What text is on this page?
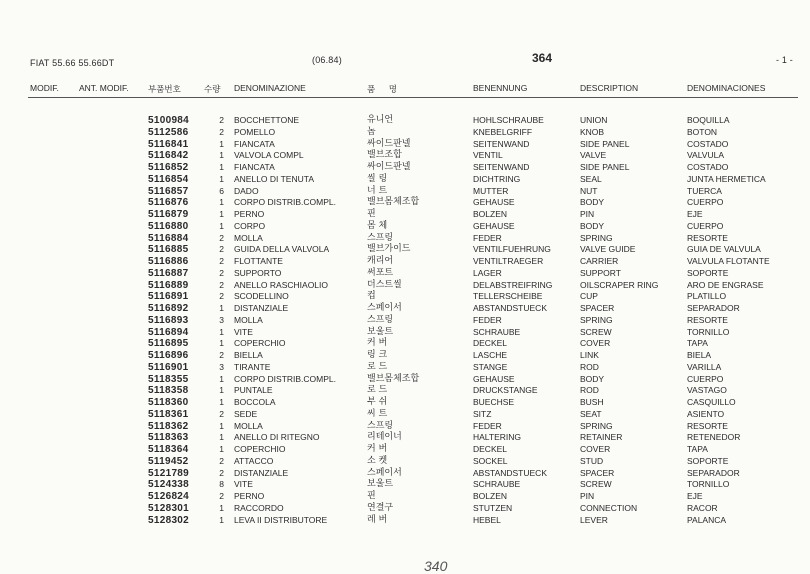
FIAT 55.66 55.66DT	(06.84)	364	- 1 -
MODIF. ANT. MODIF. 부품번호	수량 DENOMINAZIONE	품     명	BENENNUNG	DESCRIPTION	DENOMINACIONES
5100984	2 BOCCHETTONE	유니언	HOHLSCHRAUBE	UNION	BOQUILLA
5112586	2 POMELLO	놉	KNEBELGRIFF	KNOB	BOTON
5116841	1 FIANCATA	싸이드판넬	SEITENWAND	SIDE PANEL	COSTADO
5116842	1 VALVOLA COMPL	밸브조합	VENTIL	VALVE	VALVULA
5116852	1 FIANCATA	싸이드판넬	SEITENWAND	SIDE PANEL	COSTADO
5116854	1 ANELLO DI TENUTA	씰 링	DICHTRING	SEAL	JUNTA HERMETICA
5116857	6 DADO	너 트	MUTTER	NUT	TUERCA
5116876	1 CORPO DISTRIB.COMPL.	밸브몸체조합	GEHAUSE	BODY	CUERPO
5116879	1 PERNO	핀	BOLZEN	PIN	EJE
5116880	1 CORPO	몸 체	GEHAUSE	BODY	CUERPO
5116884	2 MOLLA	스프링	FEDER	SPRING	RESORTE
5116885	2 GUIDA DELLA VALVOLA	밸브가이드	VENTILFUEHRUNG	VALVE GUIDE	GUIA DE VALVULA
5116886	2 FLOTTANTE	캐리어	VENTILTRAEGER	CARRIER	VALVULA FLOTANTE
5116887	2 SUPPORTO	써포트	LAGER	SUPPORT	SOPORTE
5116889	2 ANELLO RASCHIAOLIO	더스트씰	DELABSTREIFRING	OILSCRAPER RING	ARO DE ENGRASE
5116891	2 SCODELLINO	컵	TELLERSCHEIBE	CUP	PLATILLO
5116892	1 DISTANZIALE	스페이서	ABSTANDSTUECK	SPACER	SEPARADOR
5116893	3 MOLLA	스프링	FEDER	SPRING	RESORTE
5116894	1 VITE	보울트	SCHRAUBE	SCREW	TORNILLO
5116895	1 COPERCHIO	커 버	DECKEL	COVER	TAPA
5116896	2 BIELLA	링 크	LASCHE	LINK	BIELA
5116901	3 TIRANTE	로 드	STANGE	ROD	VARILLA
5118355	1 CORPO DISTRIB.COMPL.	밸브몸체조합	GEHAUSE	BODY	CUERPO
5118358	1 PUNTALE	로 드	DRUCKSTANGE	ROD	VASTAGO
5118360	1 BOCCOLA	부 쉬	BUECHSE	BUSH	CASQUILLO
5118361	2 SEDE	씨 트	SITZ	SEAT	ASIENTO
5118362	1 MOLLA	스프링	FEDER	SPRING	RESORTE
5118363	1 ANELLO DI RITEGNO	리테이너	HALTERING	RETAINER	RETENEDOR
5118364	1 COPERCHIO	커 버	DECKEL	COVER	TAPA
5119452	2 ATTACCO	소 켓	SOCKEL	STUD	SOPORTE
5121789	2 DISTANZIALE	스페이서	ABSTANDSTUECK	SPACER	SEPARADOR
5124338	8 VITE	보울트	SCHRAUBE	SCREW	TORNILLO
5126824	2 PERNO	핀	BOLZEN	PIN	EJE
5128301	1 RACCORDO	연결구	STUTZEN	CONNECTION	RACOR
5128302	1 LEVA II DISTRIBUTORE	레 버	HEBEL	LEVER	PALANCA
340
